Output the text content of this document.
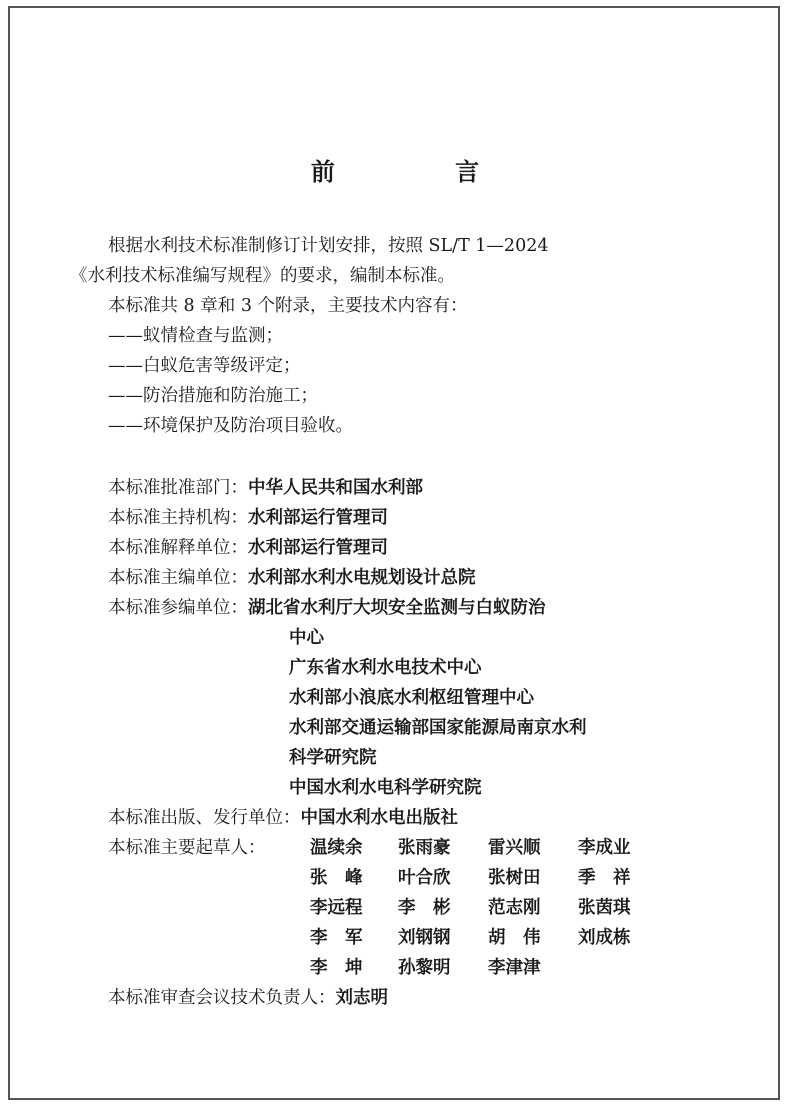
前 言
根据水利技术标准制修订计划安排，按照 SL/T 1—2024
《水利技术标准编写规程》的要求，编制本标准。
本标准共 8 章和 3 个附录，主要技术内容有：
——蚁情检查与监测；
——白蚁危害等级评定；
——防治措施和防治施工；
——环境保护及防治项目验收。
本标准批准部门：中华人民共和国水利部
本标准主持机构：水利部运行管理司
本标准解释单位：水利部运行管理司
本标准主编单位：水利部水利水电规划设计总院
本标准参编单位：湖北省水利厅大坝安全监测与白蚁防治
中心
广东省水利水电技术中心
水利部小浪底水利枢纽管理中心
水利部交通运输部国家能源局南京水利
科学研究院
中国水利水电科学研究院
本标准出版、发行单位：中国水利水电出版社
本标准主要起草人：	温续余 张雨豪 雷兴顺 李成业
张　峰 叶合欣 张树田 季　祥
李远程 李　彬 范志刚 张茵琪
李　军 刘钢钢 胡　伟 刘成栋
李　坤 孙黎明 李津津
本标准审查会议技术负责人：刘志明
